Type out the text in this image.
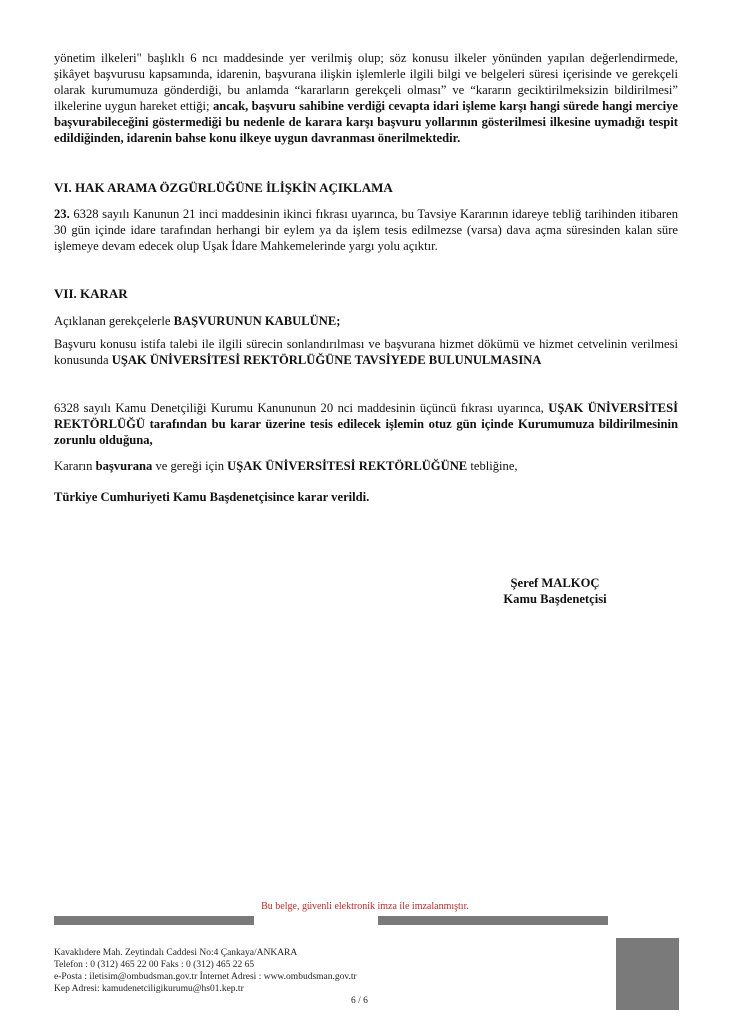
yönetim ilkeleri" başlıklı 6 ncı maddesinde yer verilmiş olup; söz konusu ilkeler yönünden yapılan değerlendirmede, şikâyet başvurusu kapsamında, idarenin, başvurana ilişkin işlemlerle ilgili bilgi ve belgeleri süresi içerisinde ve gerekçeli olarak kurumumuza gönderdiği, bu anlamda “kararların gerekçeli olması” ve “kararın geciktirilmeksizin bildirilmesi” ilkelerine uygun hareket ettiği; ancak, başvuru sahibine verdiği cevapta idari işleme karşı hangi sürede hangi merciye başvurabileceğini göstermediği bu nedenle de karara karşı başvuru yollarının gösterilmesi ilkesine uymadığı tespit edildiğinden, idarenin bahse konu ilkeye uygun davranması önerilmektedir.

VI. HAK ARAMA ÖZGÜRLÜĞÜNE İLİŞKİN AÇIKLAMA

23. 6328 sayılı Kanunun 21 inci maddesinin ikinci fıkrası uyarınca, bu Tavsiye Kararının idareye tebliğ tarihinden itibaren 30 gün içinde idare tarafından herhangi bir eylem ya da işlem tesis edilmezse (varsa) dava açma süresinden kalan süre işlemeye devam edecek olup Uşak İdare Mahkemelerinde yargı yolu açıktır.

VII. KARAR

Açıklanan gerekçelerle BAŞVURUNUN KABULÜNE;

Başvuru konusu istifa talebi ile ilgili sürecin sonlandırılması ve başvurana hizmet dökümü ve hizmet cetvelinin verilmesi konusunda UŞAK ÜNİVERSİTESİ REKTÖRLÜĞÜNE TAVSİYEDE BULUNULMASINA

6328 sayılı Kamu Denetçiliği Kurumu Kanununun 20 nci maddesinin üçüncü fıkrası uyarınca, UŞAK ÜNİVERSİTESİ REKTÖRLÜĞÜ tarafından bu karar üzerine tesis edilecek işlemin otuz gün içinde Kurumumuza bildirilmesinin zorunlu olduğuna,

Kararın başvurana ve gereği için UŞAK ÜNİVERSİTESİ REKTÖRLÜĞÜNE tebliğine,

Türkiye Cumhuriyeti Kamu Başdenetçisince karar verildi.

Şeref MALKOÇ
Kamu Başdenetçisi
Bu belge, güvenli elektronik imza ile imzalanmıştır.
Kavaklıdere Mah. Zeytindalı Caddesi No:4 Çankaya/ANKARA
Telefon : 0 (312) 465 22 00 Faks : 0 (312) 465 22 65
e-Posta : iletisim@ombudsman.gov.tr İnternet Adresi : www.ombudsman.gov.tr
Kep Adresi: kamudenetciligikurumu@hs01.kep.tr
6 / 6
